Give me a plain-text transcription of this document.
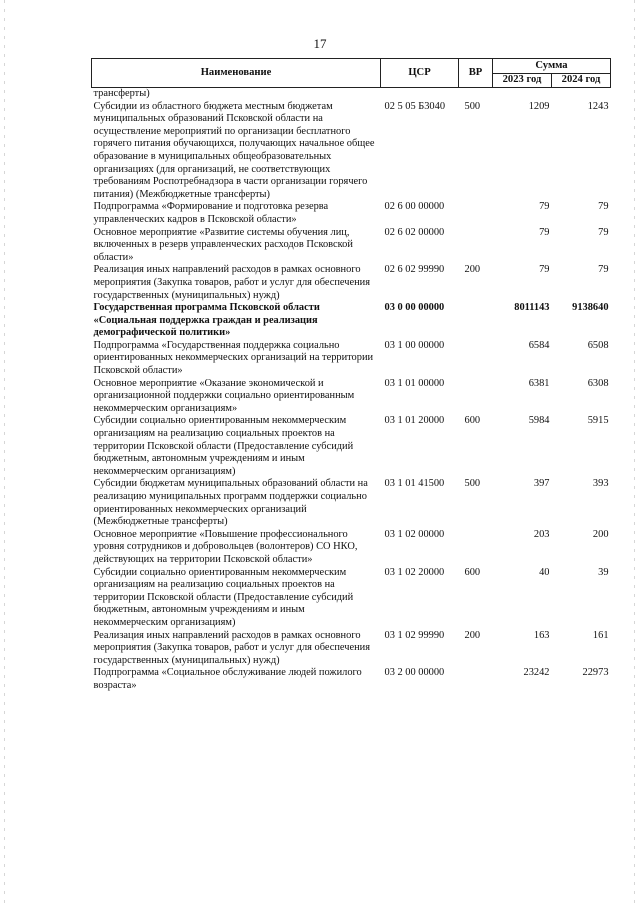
17
Наименование	ЦСР	ВР	Сумма	
			2023 год	2024 год
трансферты)				
Субсидии из областного бюджета местным бюджетам муниципальных образований Псковской области на осуществление мероприятий по организации бесплатного горячего питания обучающихся, получающих начальное общее образование в муниципальных общеобразовательных организациях (для организаций, не соответствующих требованиям Роспотребнадзора в части организации горячего питания) (Межбюджетные трансферты)	02 5 05 Б3040	500	1209	1243
Подпрограмма «Формирование и подготовка резерва управленческих кадров в Псковской области»	02 6 00 00000		79	79
Основное мероприятие «Развитие системы обучения лиц, включенных в резерв управленческих расходов Псковской области»	02 6 02 00000		79	79
Реализация иных направлений расходов в рамках основного мероприятия (Закупка товаров, работ и услуг для обеспечения государственных (муниципальных) нужд)	02 6 02 99990	200	79	79
Государственная программа Псковской области «Социальная поддержка граждан и реализация демографической политики»	03 0 00 00000		8011143	9138640
Подпрограмма «Государственная поддержка социально ориентированных некоммерческих организаций на территории Псковской области»	03 1 00 00000		6584	6508
Основное мероприятие «Оказание экономической и организационной поддержки социально ориентированным некоммерческим организациям»	03 1 01 00000		6381	6308
Субсидии социально ориентированным некоммерческим организациям на реализацию социальных проектов на территории Псковской области (Предоставление субсидий бюджетным, автономным учреждениям и иным некоммерческим организациям)	03 1 01 20000	600	5984	5915
Субсидии бюджетам муниципальных образований области на реализацию муниципальных программ поддержки социально ориентированных некоммерческих организаций (Межбюджетные трансферты)	03 1 01 41500	500	397	393
Основное мероприятие «Повышение профессионального уровня сотрудников и добровольцев (волонтеров) СО НКО, действующих на территории Псковской области»	03 1 02 00000		203	200
Субсидии социально ориентированным некоммерческим организациям на реализацию социальных проектов на территории Псковской области (Предоставление субсидий бюджетным, автономным учреждениям и иным некоммерческим организациям)	03 1 02 20000	600	40	39
Реализация иных направлений расходов в рамках основного мероприятия (Закупка товаров, работ и услуг для обеспечения государственных (муниципальных) нужд)	03 1 02 99990	200	163	161
Подпрограмма «Социальное обслуживание людей пожилого возраста»	03 2 00 00000		23242	22973
